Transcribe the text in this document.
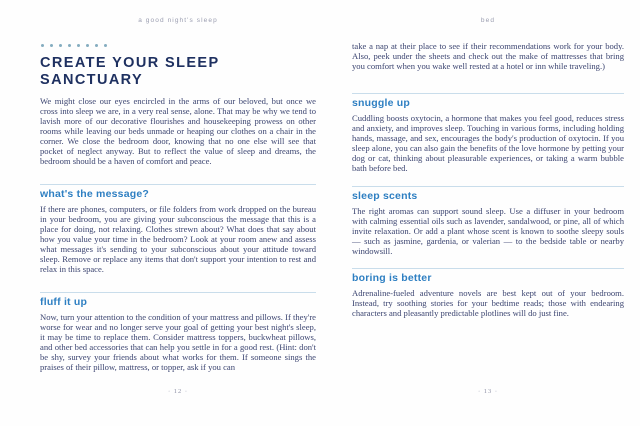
a good night's sleep
CREATE YOUR SLEEP SANCTUARY

We might close our eyes encircled in the arms of our beloved, but once we cross into sleep we are, in a very real sense, alone. That may be why we tend to lavish more of our decorative flourishes and housekeeping prowess on other rooms while leaving our beds unmade or heaping our clothes on a chair in the corner. We close the bedroom door, knowing that no one else will see that pocket of neglect anyway. But to reflect the value of sleep and dreams, the bedroom should be a haven of comfort and peace.

what's the message?

If there are phones, computers, or file folders from work dropped on the bureau in your bedroom, you are giving your subconscious the message that this is a place for doing, not relaxing. Clothes strewn about? What does that say about how you value your time in the bedroom? Look at your room anew and assess what messages it's sending to your subconscious about your attitude toward sleep. Remove or replace any items that don't support your intention to rest and relax in this space.

fluff it up

Now, turn your attention to the condition of your mattress and pillows. If they're worse for wear and no longer serve your goal of getting your best night's sleep, it may be time to replace them. Consider mattress toppers, buckwheat pillows, and other bed accessories that can help you settle in for a good rest. (Hint: don't be shy, survey your friends about what works for them. If someone sings the praises of their pillow, mattress, or topper, ask if you can

· 12 ·
bed

take a nap at their place to see if their recommendations work for your body. Also, peek under the sheets and check out the make of mattresses that bring you comfort when you wake well rested at a hotel or inn while traveling.)

snuggle up

Cuddling boosts oxytocin, a hormone that makes you feel good, reduces stress and anxiety, and improves sleep. Touching in various forms, including holding hands, massage, and sex, encourages the body's production of oxytocin. If you sleep alone, you can also gain the benefits of the love hormone by petting your dog or cat, thinking about pleasurable experiences, or taking a warm bubble bath before bed.

sleep scents

The right aromas can support sound sleep. Use a diffuser in your bedroom with calming essential oils such as lavender, sandalwood, or pine, all of which invite relaxation. Or add a plant whose scent is known to soothe sleepy souls — such as jasmine, gardenia, or valerian — to the bedside table or nearby windowsill.

boring is better

Adrenaline-fueled adventure novels are best kept out of your bedroom. Instead, try soothing stories for your bedtime reads; those with endearing characters and pleasantly predictable plotlines will do just fine.

· 13 ·
